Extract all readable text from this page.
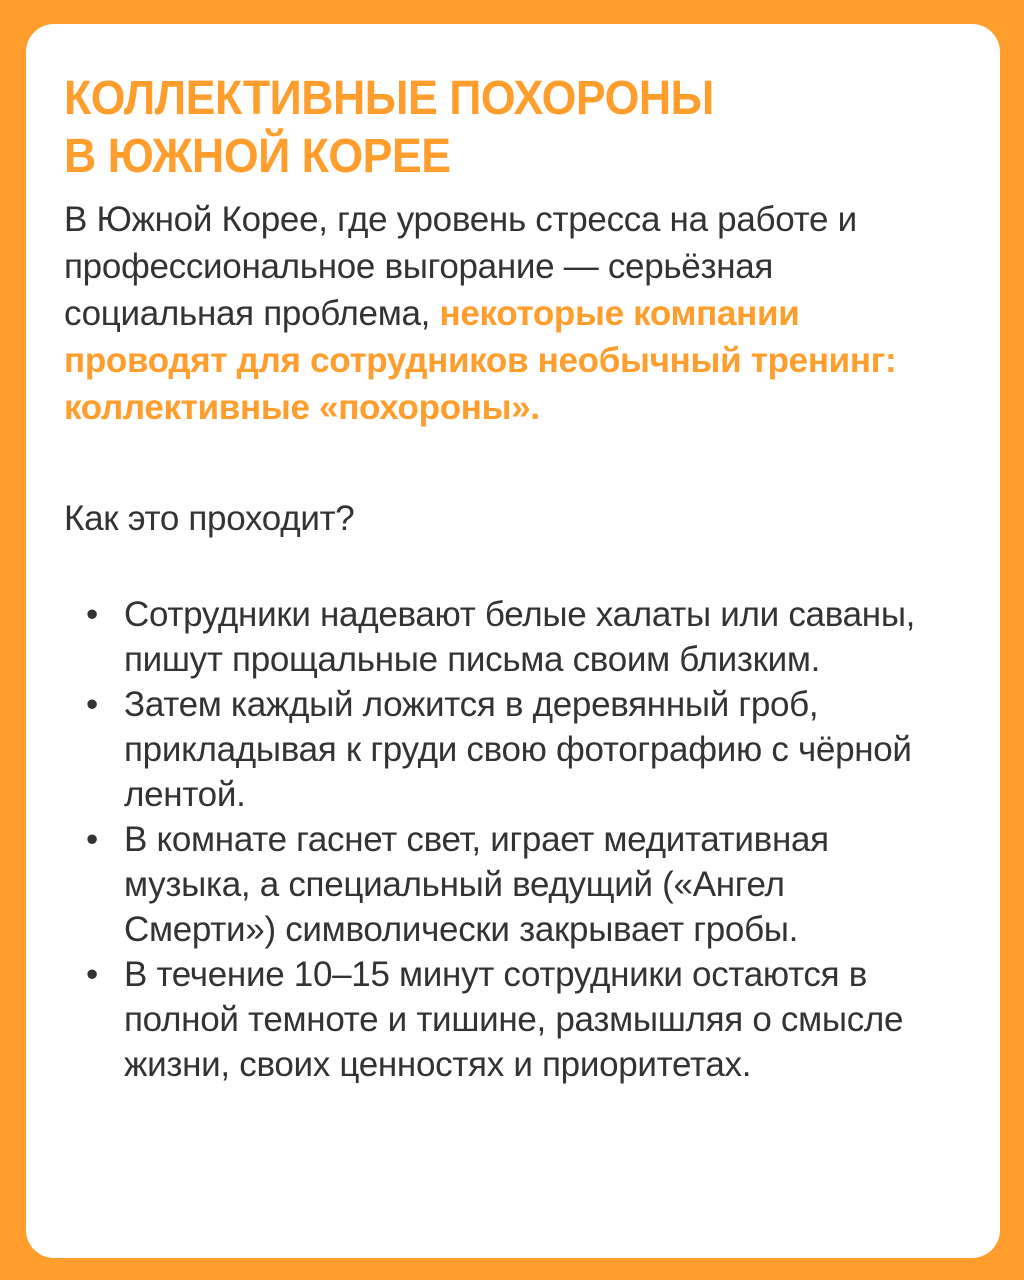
КОЛЛЕКТИВНЫЕ ПОХОРОНЫ
В ЮЖНОЙ КОРЕЕ

В Южной Корее, где уровень стресса на работе и профессиональное выгорание — серьёзная социальная проблема, некоторые компании проводят для сотрудников необычный тренинг: коллективные «похороны».

Как это проходит?

• Сотрудники надевают белые халаты или саваны, пишут прощальные письма своим близким.
• Затем каждый ложится в деревянный гроб, прикладывая к груди свою фотографию с чёрной лентой.
• В комнате гаснет свет, играет медитативная музыка, а специальный ведущий («Ангел Смерти») символически закрывает гробы.
• В течение 10–15 минут сотрудники остаются в полной темноте и тишине, размышляя о смысле жизни, своих ценностях и приоритетах.
